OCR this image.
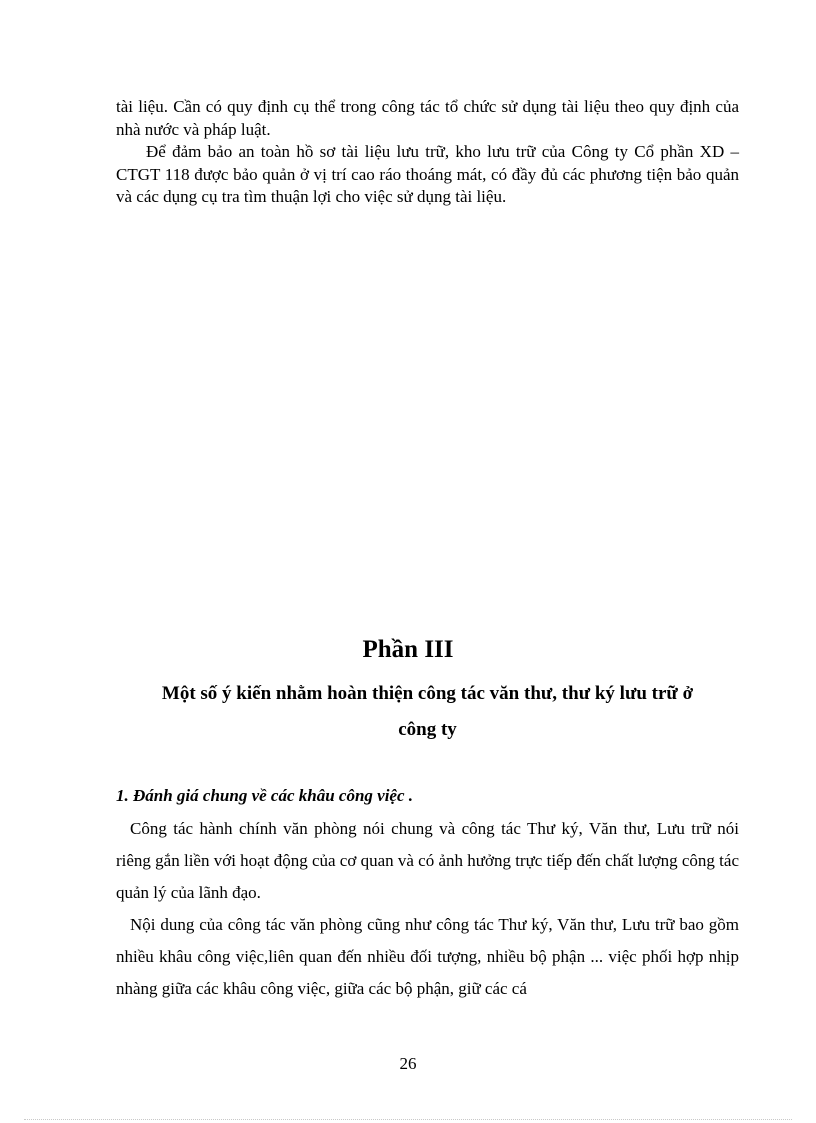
tài liệu. Cần có quy định cụ thể trong công tác tổ chức sử dụng tài liệu theo quy định của nhà nước và pháp luật.

Để đảm bảo an toàn hồ sơ tài liệu lưu trữ, kho lưu trữ của Công ty Cổ phần XD – CTGT 118 được bảo quản ở vị trí cao ráo thoáng mát, có đầy đủ các phương tiện bảo quản và các dụng cụ tra tìm thuận lợi cho việc sử dụng tài liệu.

Phần III
Một số ý kiến nhằm hoàn thiện công tác văn thư, thư ký lưu trữ ở
công ty
1. Đánh giá chung về các khâu công việc .

Công tác hành chính văn phòng nói chung và công tác Thư ký, Văn thư, Lưu trữ nói riêng gắn liền với hoạt động của cơ quan và có ảnh hưởng trực tiếp đến chất lượng công tác quản lý của lãnh đạo.

Nội dung của công tác văn phòng cũng như công tác Thư ký, Văn thư, Lưu trữ bao gồm nhiều khâu công việc,liên quan đến nhiều đối tượng, nhiều bộ phận ... việc phối hợp nhịp nhàng giữa các khâu công việc, giữa các bộ phận, giữ các cá

26
